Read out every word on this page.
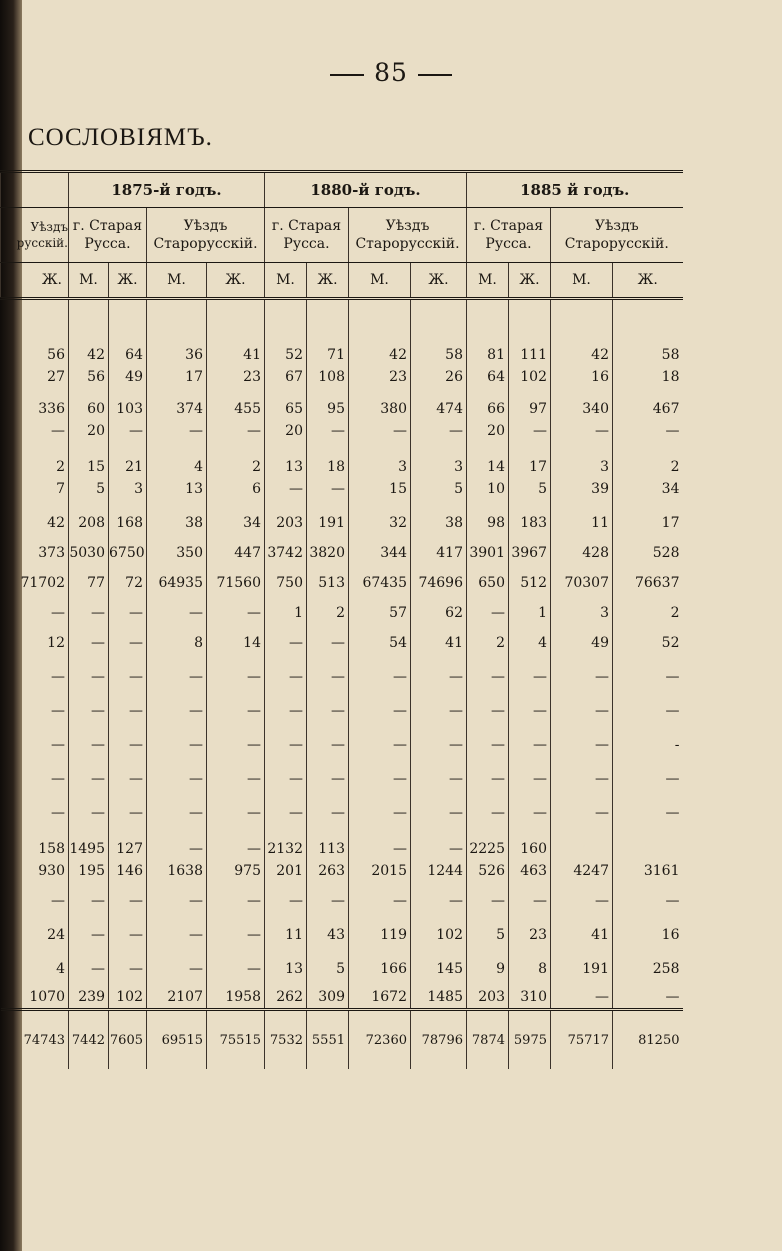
85
СОСЛОВІЯМЪ.
	1875-й годъ.				1880-й годъ.				1885 й годъ.			
Уѣздъ
русскій.	г. Старая Русса.		Уѣздъ Старорусскій.		г. Старая Русса.		Уѣздъ Старорусскій.		г. Старая Русса.		Уѣздъ Старорусскій.	
Ж.	М.	Ж.	М.	Ж.	М.	Ж.	М.	Ж.	М.	Ж.	М.	Ж.

56	42	64	36	41	52	71	42	58	81	111	42	58
27	56	49	17	23	67	108	23	26	64	102	16	18

336	60	103	374	455	65	95	380	474	66	97	340	467
—	20	—	—	—	20	—	—	—	20	—	—	—

2	15	21	4	2	13	18	3	3	14	17	3	2
7	5	3	13	6	—	—	15	5	10	5	39	34

42	208	168	38	34	203	191	32	38	98	183	11	17

373	5030	6750	350	447	3742	3820	344	417	3901	3967	428	528

71702	77	72	64935	71560	750	513	67435	74696	650	512	70307	76637

—	—	—	—	—	1	2	57	62	—	1	3	2

12	—	—	8	14	—	—	54	41	2	4	49	52

—	—	—	—	—	—	—	—	—	—	—	—	—

—	—	—	—	—	—	—	—	—	—	—	—	—

—	—	—	—	—	—	—	—	—	—	—	—	-

—	—	—	—	—	—	—	—	—	—	—	—	—

—	—	—	—	—	—	—	—	—	—	—	—	—

158	1495	127	—	—	2132	113	—	—	2225	160		
930	195	146	1638	975	201	263	2015	1244	526	463	4247	3161

—	—	—	—	—	—	—	—	—	—	—	—	—

24	—	—	—	—	11	43	119	102	5	23	41	16

4	—	—	—	—	13	5	166	145	9	8	191	258

1070	239	102	2107	1958	262	309	1672	1485	203	310	—	—
74743	7442	7605	69515	75515	7532	5551	72360	78796	7874	5975	75717	81250
